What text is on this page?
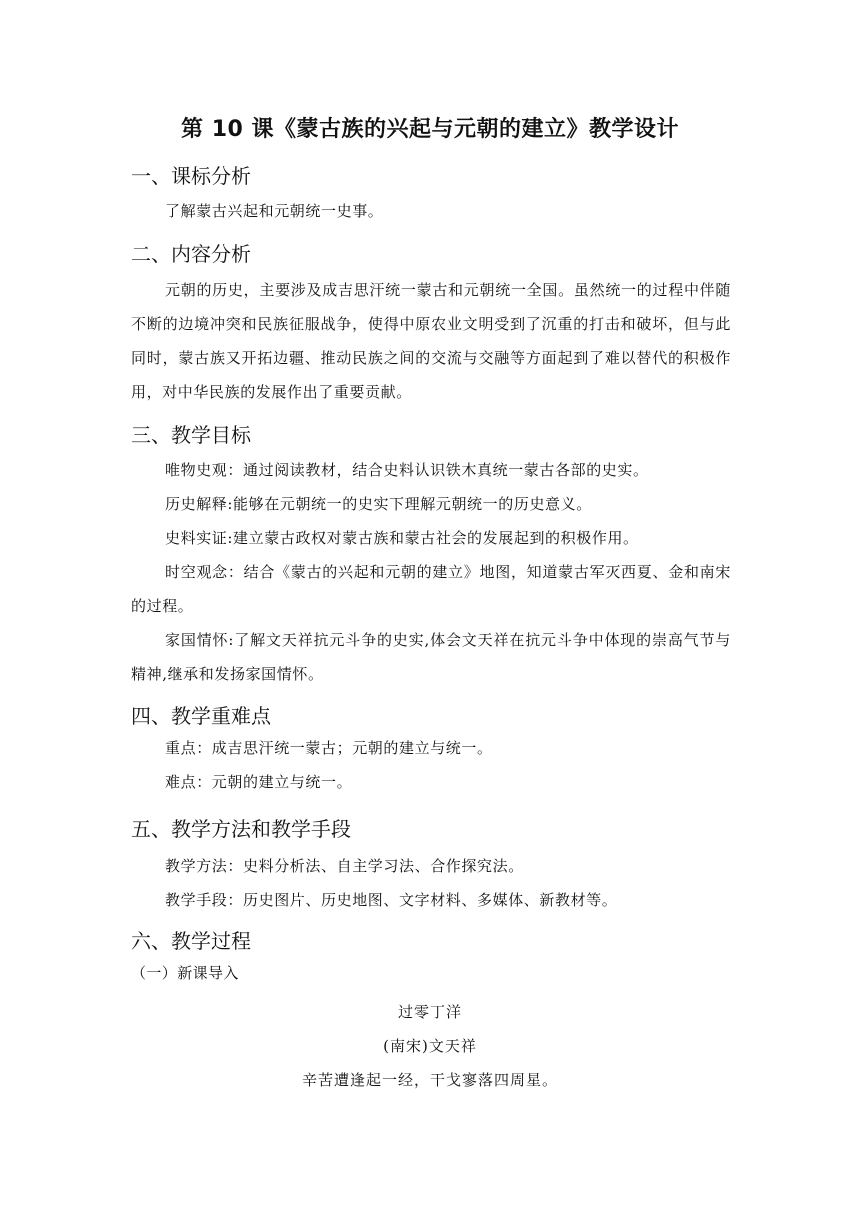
第 10 课《蒙古族的兴起与元朝的建立》教学设计
一、课标分析
了解蒙古兴起和元朝统一史事。
二、内容分析
元朝的历史，主要涉及成吉思汗统一蒙古和元朝统一全国。虽然统一的过程中伴随不断的边境冲突和民族征服战争，使得中原农业文明受到了沉重的打击和破坏，但与此同时，蒙古族又开拓边疆、推动民族之间的交流与交融等方面起到了难以替代的积极作用，对中华民族的发展作出了重要贡献。
三、教学目标
唯物史观：通过阅读教材，结合史料认识铁木真统一蒙古各部的史实。
历史解释:能够在元朝统一的史实下理解元朝统一的历史意义。
史料实证:建立蒙古政权对蒙古族和蒙古社会的发展起到的积极作用。
时空观念：结合《蒙古的兴起和元朝的建立》地图，知道蒙古军灭西夏、金和南宋的过程。
家国情怀:了解文天祥抗元斗争的史实,体会文天祥在抗元斗争中体现的崇高气节与精神,继承和发扬家国情怀。
四、教学重难点
重点：成吉思汗统一蒙古；元朝的建立与统一。
难点：元朝的建立与统一。
五、教学方法和教学手段
教学方法：史料分析法、自主学习法、合作探究法。
教学手段：历史图片、历史地图、文字材料、多媒体、新教材等。
六、教学过程
（一）新课导入
过零丁洋
(南宋)文天祥
辛苦遭逢起一经，干戈寥落四周星。
